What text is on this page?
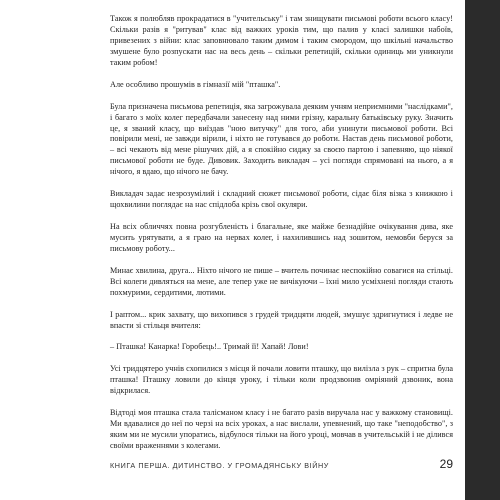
Також я полюбляв прокрадатися в "учительську" і там знищувати письмові роботи всього класу! Скільки разів я "ритував" клас від важких уроків тим, що палив у класі залишки набоїв, привезених з війни: клас заповнювало таким димом і таким смородом, що шкільні начальство змушене було розпускати нас на весь день – скільки репетицій, скільки одиниць ми уникнули таким робом!

Але особливо прошумів в гімназії мій "пташка".

Була призначена письмова репетиція, яка загрожувала деяким учням неприємними "наслідками", і багато з моїх колег передбачали занесену над ними грізну, каральну батьківську руку. Значить це, я званий класу, що виїздав "ною витучку" для того, аби унинути письмової роботи. Всі повірили мені, не завжди вірили, і ніхто не готувався до роботи. Настав день письмової роботи, – всі чекають від мене рішучих дій, а я спокійно сиджу за своєю партою і запевняю, що ніякої письмової роботи не буде. Дивовик. Заходить викладач – усі погляди спрямовані на нього, а я нічого, я вдаю, що нічого не бачу.

Викладач задає незрозумілий і складний сюжет письмової роботи, сідає біля візка з книжкою і щохвилини поглядає на нас спідлоба крізь свої окуляри.

На всіх обличчях повна розгубленість і благальне, яке майже безнадійне очікування дива, яке мусить урятувати, а я граю на нервах колег, і нахилившись над зошитом, немовби беруся за письмову роботу...

Минає хвилина, друга... Ніхто нічого не пише – вчитель починає неспокійно совагися на стільці. Всі колеги дивляться на мене, але тепер уже не вичікуючи – їхні мило усміхнені погляди стають похмурими, сердитими, лютими.

І раптом... крик захвату, що вихопився з грудей тридцяти людей, змушує здригнутися і ледве не впасти зі стільця вчителя:

– Пташка! Канарка! Горобець!.. Тримай її! Хапай! Лови!

Усі тридцятеро учнів схопилися з місця й почали ловити пташку, що вилізла з рук – спритна була пташка! Пташку ловили до кінця уроку, і тільки коли продзвонив омріяний дзвоник, вона відкрилася.

Відтоді моя пташка стала талісманом класу і не багато разів виручала нас у важкому становищі. Ми вдавалися до неї по черзі на всіх уроках, а нас вислали, упевнений, що таке "неподобство", з яким ми не мусили упоратись, відбулося тільки на його уроці, мовчав в учительській і не ділився своїми враженнями з колегами.

КНИГА ПЕРША. ДИТИНСТВО. У ГРОМАДЯНСЬКУ ВІЙНУ	29
